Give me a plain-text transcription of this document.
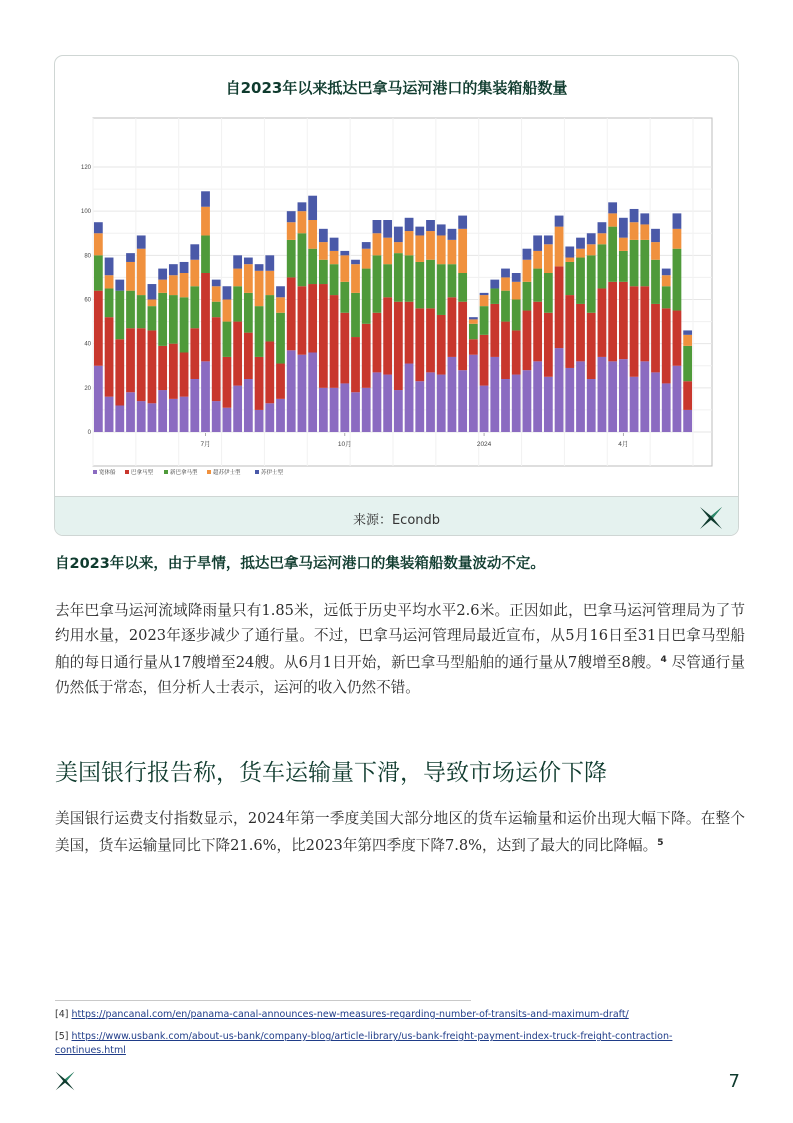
自2023年以来抵达巴拿马运河港口的集装箱船数量
0
20
40
60
80
100
120
7月	10月	2024	4月
宽体船	巴拿马型	新巴拿马型	超苏伊士型	苏伊士型
来源：Econdb
自2023年以来，由于旱情，抵达巴拿马运河港口的集装箱船数量波动不定。
去年巴拿马运河流域降雨量只有1.85米，远低于历史平均水平2.6米。正因如此，巴拿马运河管理局为了节约用水量，2023年逐步减少了通行量。不过，巴拿马运河管理局最近宣布，从5月16日至31日巴拿马型船舶的每日通行量从17艘增至24艘。从6月1日开始，新巴拿马型船舶的通行量从7艘增至8艘。$^4$ 尽管通行量仍然低于常态，但分析人士表示，运河的收入仍然不错。
美国银行报告称，货车运输量下滑，导致市场运价下降
美国银行运费支付指数显示，2024年第一季度美国大部分地区的货车运输量和运价出现大幅下降。在整个美国，货车运输量同比下降21.6%，比2023年第四季度下降7.8%，达到了最大的同比降幅。$^5$
[4] https://pancanal.com/en/panama-canal-announces-new-measures-regarding-number-of-transits-and-maximum-draft/
[5] https://www.usbank.com/about-us-bank/company-blog/article-library/us-bank-freight-payment-index-truck-freight-contraction-continues.html
7
